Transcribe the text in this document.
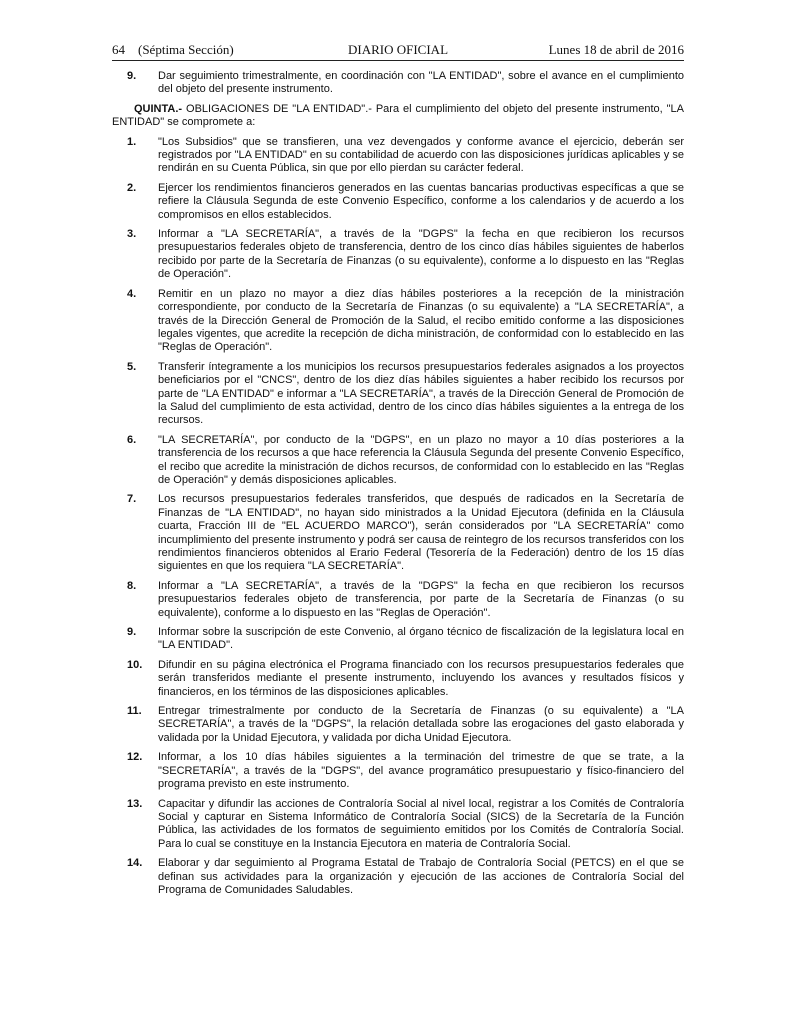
64 (Séptima Sección)	DIARIO OFICIAL	Lunes 18 de abril de 2016
9. Dar seguimiento trimestralmente, en coordinación con "LA ENTIDAD", sobre el avance en el cumplimiento del objeto del presente instrumento.
QUINTA.- OBLIGACIONES DE "LA ENTIDAD".- Para el cumplimiento del objeto del presente instrumento, "LA ENTIDAD" se compromete a:
1. "Los Subsidios" que se transfieren, una vez devengados y conforme avance el ejercicio, deberán ser registrados por "LA ENTIDAD" en su contabilidad de acuerdo con las disposiciones jurídicas aplicables y se rendirán en su Cuenta Pública, sin que por ello pierdan su carácter federal.
2. Ejercer los rendimientos financieros generados en las cuentas bancarias productivas específicas a que se refiere la Cláusula Segunda de este Convenio Específico, conforme a los calendarios y de acuerdo a los compromisos en ellos establecidos.
3. Informar a "LA SECRETARÍA", a través de la "DGPS" la fecha en que recibieron los recursos presupuestarios federales objeto de transferencia, dentro de los cinco días hábiles siguientes de haberlos recibido por parte de la Secretaría de Finanzas (o su equivalente), conforme a lo dispuesto en las "Reglas de Operación".
4. Remitir en un plazo no mayor a diez días hábiles posteriores a la recepción de la ministración correspondiente, por conducto de la Secretaría de Finanzas (o su equivalente) a "LA SECRETARÍA", a través de la Dirección General de Promoción de la Salud, el recibo emitido conforme a las disposiciones legales vigentes, que acredite la recepción de dicha ministración, de conformidad con lo establecido en las "Reglas de Operación".
5. Transferir íntegramente a los municipios los recursos presupuestarios federales asignados a los proyectos beneficiarios por el "CNCS", dentro de los diez días hábiles siguientes a haber recibido los recursos por parte de "LA ENTIDAD" e informar a "LA SECRETARÍA", a través de la Dirección General de Promoción de la Salud del cumplimiento de esta actividad, dentro de los cinco días hábiles siguientes a la entrega de los recursos.
6. "LA SECRETARÍA", por conducto de la "DGPS", en un plazo no mayor a 10 días posteriores a la transferencia de los recursos a que hace referencia la Cláusula Segunda del presente Convenio Específico, el recibo que acredite la ministración de dichos recursos, de conformidad con lo establecido en las "Reglas de Operación" y demás disposiciones aplicables.
7. Los recursos presupuestarios federales transferidos, que después de radicados en la Secretaría de Finanzas de "LA ENTIDAD", no hayan sido ministrados a la Unidad Ejecutora (definida en la Cláusula cuarta, Fracción III de "EL ACUERDO MARCO"), serán considerados por "LA SECRETARÍA" como incumplimiento del presente instrumento y podrá ser causa de reintegro de los recursos transferidos con los rendimientos financieros obtenidos al Erario Federal (Tesorería de la Federación) dentro de los 15 días siguientes en que los requiera "LA SECRETARÍA".
8. Informar a "LA SECRETARÍA", a través de la "DGPS" la fecha en que recibieron los recursos presupuestarios federales objeto de transferencia, por parte de la Secretaría de Finanzas (o su equivalente), conforme a lo dispuesto en las "Reglas de Operación".
9. Informar sobre la suscripción de este Convenio, al órgano técnico de fiscalización de la legislatura local en "LA ENTIDAD".
10. Difundir en su página electrónica el Programa financiado con los recursos presupuestarios federales que serán transferidos mediante el presente instrumento, incluyendo los avances y resultados físicos y financieros, en los términos de las disposiciones aplicables.
11. Entregar trimestralmente por conducto de la Secretaría de Finanzas (o su equivalente) a "LA SECRETARÍA", a través de la "DGPS", la relación detallada sobre las erogaciones del gasto elaborada y validada por la Unidad Ejecutora, y validada por dicha Unidad Ejecutora.
12. Informar, a los 10 días hábiles siguientes a la terminación del trimestre de que se trate, a la "SECRETARÍA", a través de la "DGPS", del avance programático presupuestario y físico-financiero del programa previsto en este instrumento.
13. Capacitar y difundir las acciones de Contraloría Social al nivel local, registrar a los Comités de Contraloría Social y capturar en Sistema Informático de Contraloría Social (SICS) de la Secretaría de la Función Pública, las actividades de los formatos de seguimiento emitidos por los Comités de Contraloría Social. Para lo cual se constituye en la Instancia Ejecutora en materia de Contraloría Social.
14. Elaborar y dar seguimiento al Programa Estatal de Trabajo de Contraloría Social (PETCS) en el que se definan sus actividades para la organización y ejecución de las acciones de Contraloría Social del Programa de Comunidades Saludables.
